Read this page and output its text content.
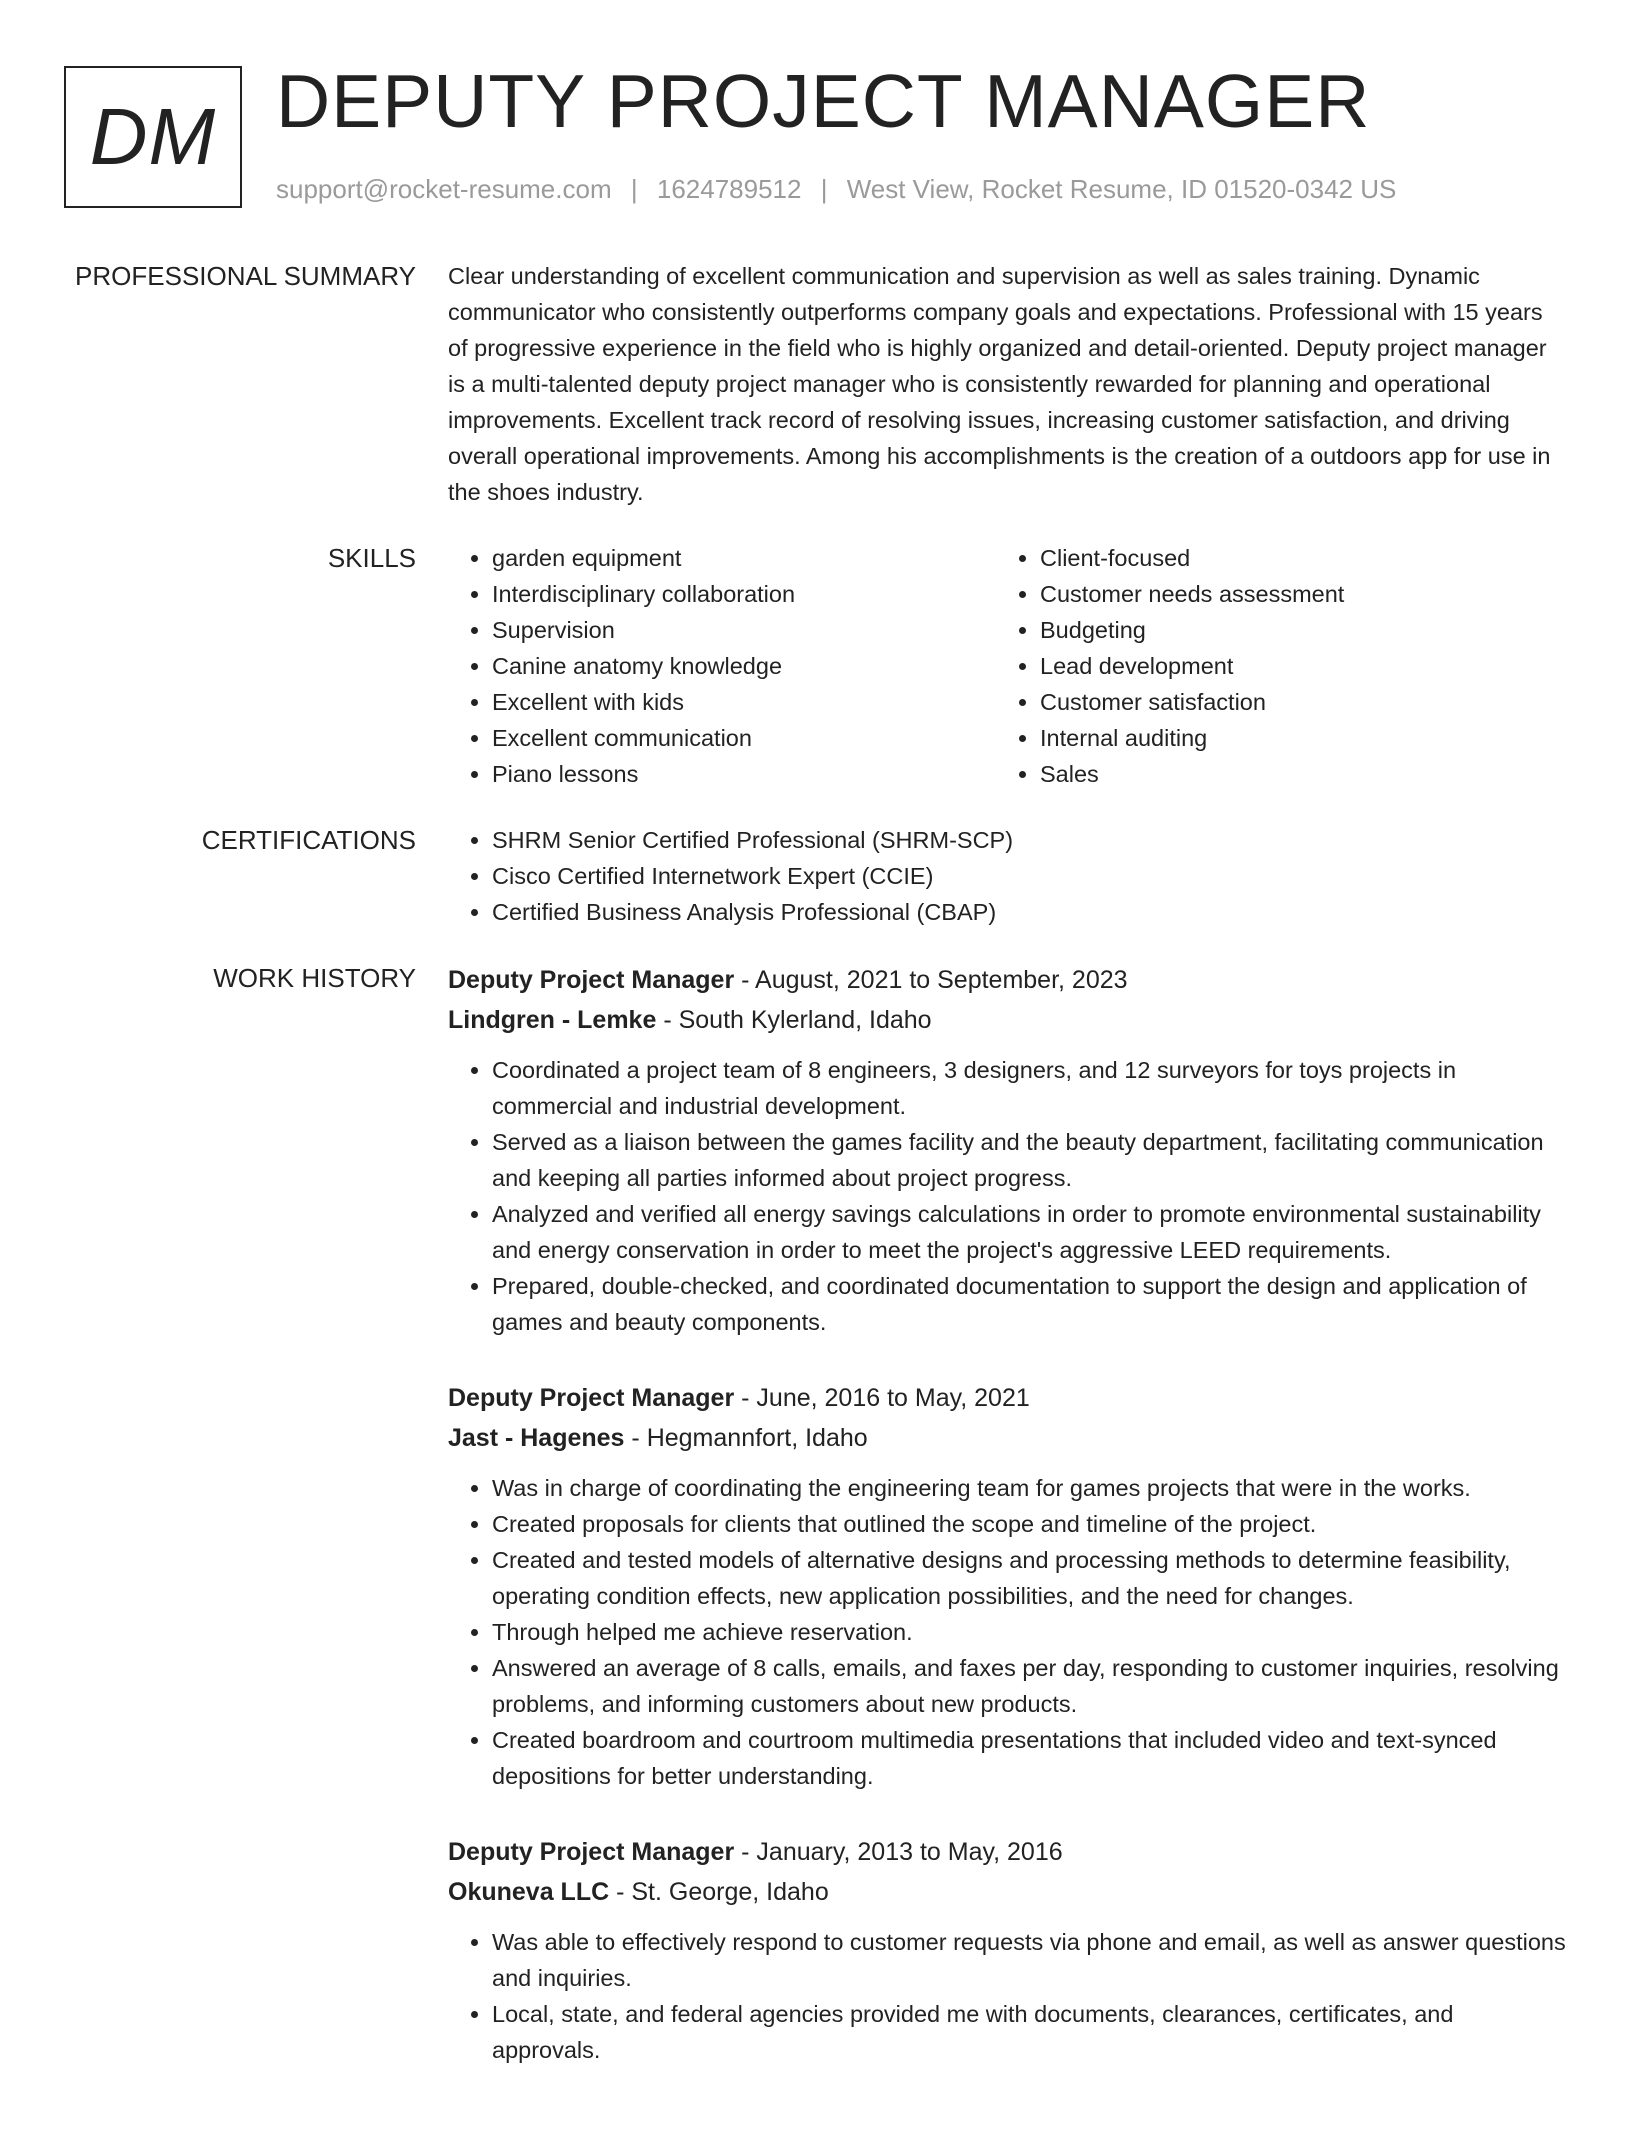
DM DEPUTY PROJECT MANAGER
support@rocket-resume.com | 1624789512 | West View, Rocket Resume, ID 01520-0342 US
PROFESSIONAL SUMMARY Clear understanding of excellent communication and supervision as well as sales training. Dynamic communicator who consistently outperforms company goals and expectations. Professional with 15 years of progressive experience in the field who is highly organized and detail-oriented. Deputy project manager is a multi-talented deputy project manager who is consistently rewarded for planning and operational improvements. Excellent track record of resolving issues, increasing customer satisfaction, and driving overall operational improvements. Among his accomplishments is the creation of a outdoors app for use in the shoes industry.

SKILLS	• garden equipment
• Interdisciplinary collaboration
• Supervision
• Canine anatomy knowledge
• Excellent with kids
• Excellent communication
• Piano lessons
• Client-focused
• Customer needs assessment
• Budgeting
• Lead development
• Customer satisfaction
• Internal auditing
• Sales
CERTIFICATIONS	• SHRM Senior Certified Professional (SHRM-SCP)
• Cisco Certified Internetwork Expert (CCIE)
• Certified Business Analysis Professional (CBAP)
WORK HISTORY Deputy Project Manager - August, 2021 to September, 2023
Lindgren - Lemke - South Kylerland, Idaho
• Coordinated a project team of 8 engineers, 3 designers, and 12 surveyors for toys projects in commercial and industrial development.
• Served as a liaison between the games facility and the beauty department, facilitating communication and keeping all parties informed about project progress.
• Analyzed and verified all energy savings calculations in order to promote environmental sustainability and energy conservation in order to meet the project's aggressive LEED requirements.
• Prepared, double-checked, and coordinated documentation to support the design and application of games and beauty components.
Deputy Project Manager - June, 2016 to May, 2021
Jast - Hagenes - Hegmannfort, Idaho
• Was in charge of coordinating the engineering team for games projects that were in the works.
• Created proposals for clients that outlined the scope and timeline of the project.
• Created and tested models of alternative designs and processing methods to determine feasibility, operating condition effects, new application possibilities, and the need for changes.
• Through helped me achieve reservation.
• Answered an average of 8 calls, emails, and faxes per day, responding to customer inquiries, resolving problems, and informing customers about new products.
• Created boardroom and courtroom multimedia presentations that included video and text-synced depositions for better understanding.
Deputy Project Manager - January, 2013 to May, 2016
Okuneva LLC - St. George, Idaho
• Was able to effectively respond to customer requests via phone and email, as well as answer questions and inquiries.
• Local, state, and federal agencies provided me with documents, clearances, certificates, and approvals.
